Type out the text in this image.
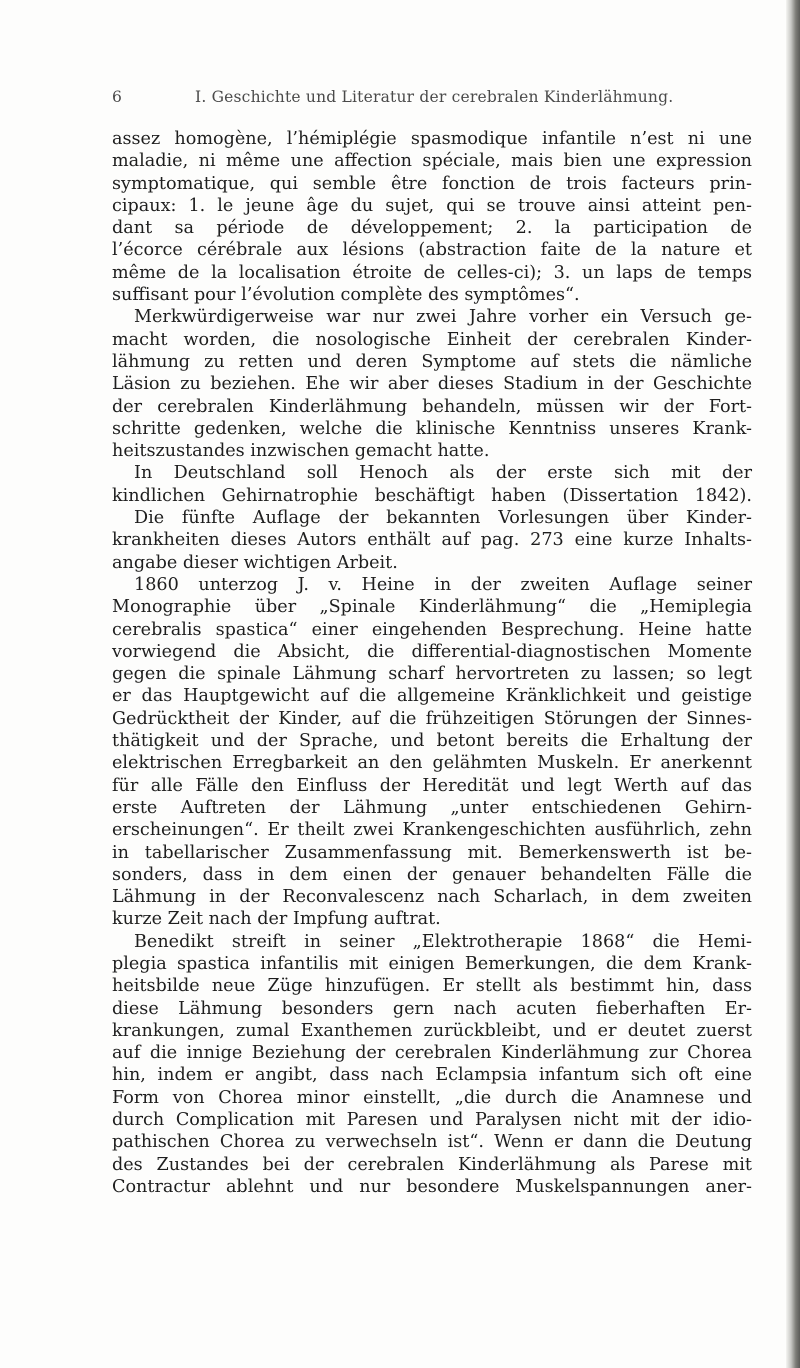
6	I. Geschichte und Literatur der cerebralen Kinderlähmung.
assez homogène, l’hémiplégie spasmodique infantile n’est ni une
maladie, ni même une affection spéciale, mais bien une expression
symptomatique, qui semble être fonction de trois facteurs prin-
cipaux: 1. le jeune âge du sujet, qui se trouve ainsi atteint pen-
dant sa période de développement; 2. la participation de
l’écorce cérébrale aux lésions (abstraction faite de la nature et
même de la localisation étroite de celles-ci); 3. un laps de temps
suffisant pour l’évolution complète des symptômes“.
Merkwürdigerweise war nur zwei Jahre vorher ein Versuch ge-
macht worden, die nosologische Einheit der cerebralen Kinder-
lähmung zu retten und deren Symptome auf stets die nämliche
Läsion zu beziehen. Ehe wir aber dieses Stadium in der Geschichte
der cerebralen Kinderlähmung behandeln, müssen wir der Fort-
schritte gedenken, welche die klinische Kenntniss unseres Krank-
heitszustandes inzwischen gemacht hatte.
In Deutschland soll Henoch als der erste sich mit der
kindlichen Gehirnatrophie beschäftigt haben (Dissertation 1842).
Die fünfte Auflage der bekannten Vorlesungen über Kinder-
krankheiten dieses Autors enthält auf pag. 273 eine kurze Inhalts-
angabe dieser wichtigen Arbeit.
1860 unterzog J. v. Heine in der zweiten Auflage seiner
Monographie über „Spinale Kinderlähmung“ die „Hemiplegia
cerebralis spastica“ einer eingehenden Besprechung. Heine hatte
vorwiegend die Absicht, die differential-diagnostischen Momente
gegen die spinale Lähmung scharf hervortreten zu lassen; so legt
er das Hauptgewicht auf die allgemeine Kränklichkeit und geistige
Gedrücktheit der Kinder, auf die frühzeitigen Störungen der Sinnes-
thätigkeit und der Sprache, und betont bereits die Erhaltung der
elektrischen Erregbarkeit an den gelähmten Muskeln. Er anerkennt
für alle Fälle den Einfluss der Heredität und legt Werth auf das
erste Auftreten der Lähmung „unter entschiedenen Gehirn-
erscheinungen“. Er theilt zwei Krankengeschichten ausführlich, zehn
in tabellarischer Zusammenfassung mit. Bemerkenswerth ist be-
sonders, dass in dem einen der genauer behandelten Fälle die
Lähmung in der Reconvalescenz nach Scharlach, in dem zweiten
kurze Zeit nach der Impfung auftrat.
Benedikt streift in seiner „Elektrotherapie 1868“ die Hemi-
plegia spastica infantilis mit einigen Bemerkungen, die dem Krank-
heitsbilde neue Züge hinzufügen. Er stellt als bestimmt hin, dass
diese Lähmung besonders gern nach acuten fieberhaften Er-
krankungen, zumal Exanthemen zurückbleibt, und er deutet zuerst
auf die innige Beziehung der cerebralen Kinderlähmung zur Chorea
hin, indem er angibt, dass nach Eclampsia infantum sich oft eine
Form von Chorea minor einstellt, „die durch die Anamnese und
durch Complication mit Paresen und Paralysen nicht mit der idio-
pathischen Chorea zu verwechseln ist“. Wenn er dann die Deutung
des Zustandes bei der cerebralen Kinderlähmung als Parese mit
Contractur ablehnt und nur besondere Muskelspannungen aner-
